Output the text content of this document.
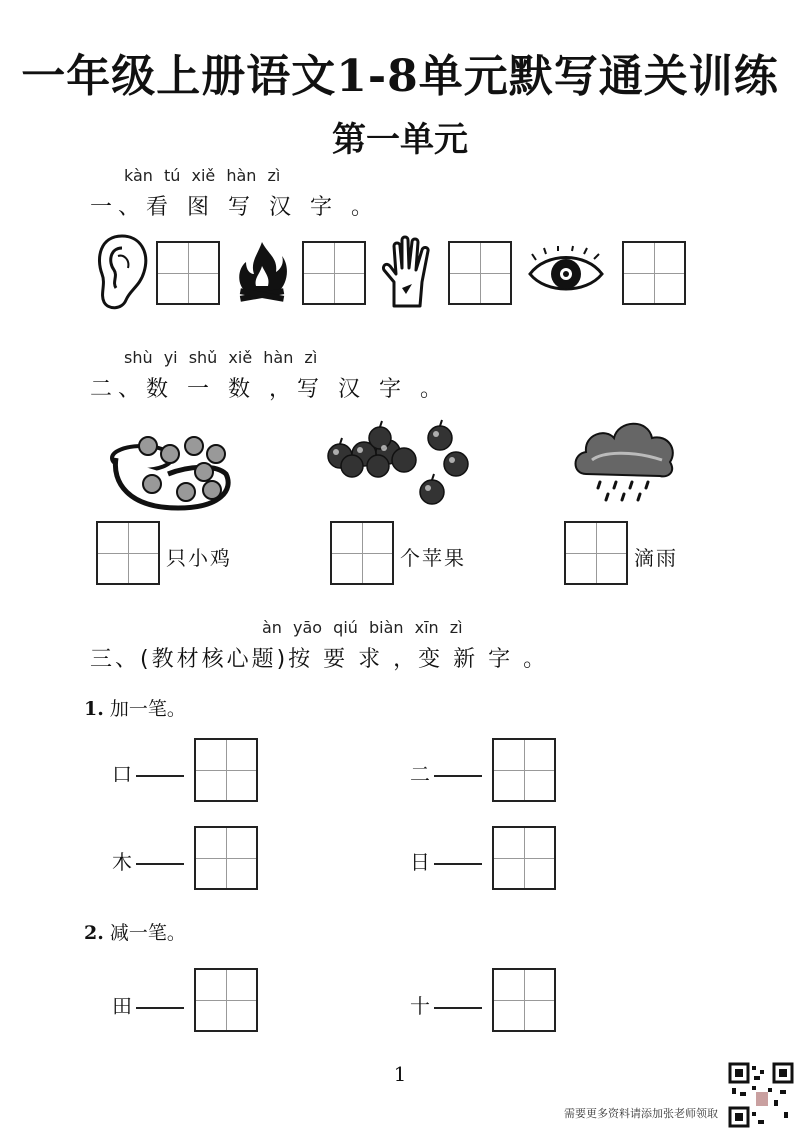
一年级上册语文1-8单元默写通关训练
第一单元
kàn tú xiě hàn zì
一、看 图 写 汉 字 。
shù yi shǔ xiě hàn zì
二、数 一 数 ，写 汉 字 。
只小鸡	个苹果	滴雨
àn yāo qiú biàn xīn zì
三、(教材核心题)按 要 求 ，变 新 字 。
1. 加一笔。
口	二
木	日
2. 减一笔。
田	十
1
需要更多资料请添加张老师领取
